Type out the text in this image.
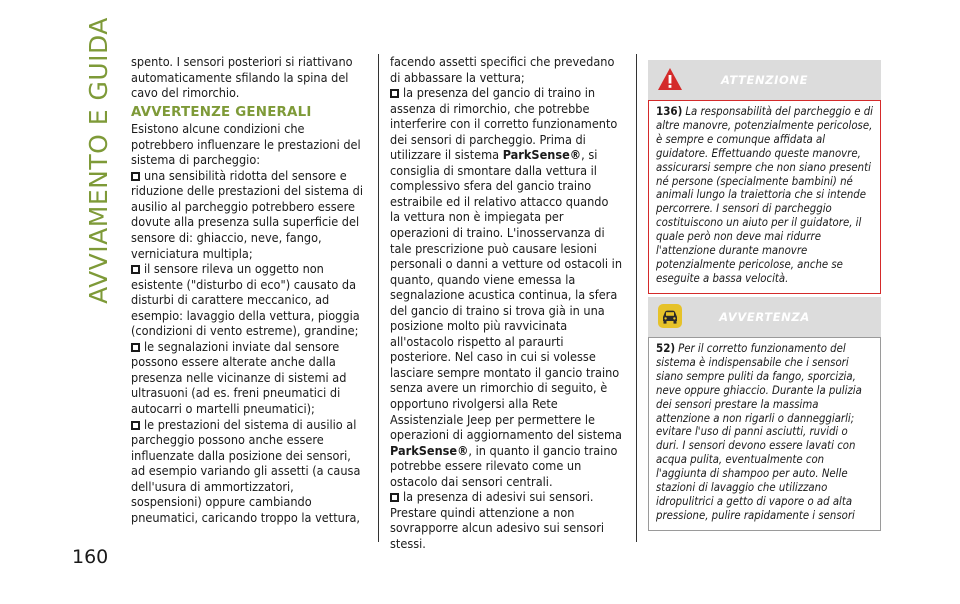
AVVIAMENTO E GUIDA
160

spento. I sensori posteriori si riattivano automaticamente sfilando la spina del cavo del rimorchio.

AVVERTENZE GENERALI

Esistono alcune condizioni che potrebbero influenzare le prestazioni del sistema di parcheggio:

una sensibilità ridotta del sensore e riduzione delle prestazioni del sistema di ausilio al parcheggio potrebbero essere dovute alla presenza sulla superficie del sensore di: ghiaccio, neve, fango, verniciatura multipla;

il sensore rileva un oggetto non esistente ("disturbo di eco") causato da disturbi di carattere meccanico, ad esempio: lavaggio della vettura, pioggia (condizioni di vento estreme), grandine;

le segnalazioni inviate dal sensore possono essere alterate anche dalla presenza nelle vicinanze di sistemi ad ultrasuoni (ad es. freni pneumatici di autocarri o martelli pneumatici);

le prestazioni del sistema di ausilio al parcheggio possono anche essere influenzate dalla posizione dei sensori, ad esempio variando gli assetti (a causa dell'usura di ammortizzatori, sospensioni) oppure cambiando pneumatici, caricando troppo la vettura,

facendo assetti specifici che prevedano di abbassare la vettura;

la presenza del gancio di traino in assenza di rimorchio, che potrebbe interferire con il corretto funzionamento dei sensori di parcheggio. Prima di utilizzare il sistema ParkSense®, si consiglia di smontare dalla vettura il complessivo sfera del gancio traino estraibile ed il relativo attacco quando la vettura non è impiegata per operazioni di traino. L'inosservanza di tale prescrizione può causare lesioni personali o danni a vetture od ostacoli in quanto, quando viene emessa la segnalazione acustica continua, la sfera del gancio di traino si trova già in una posizione molto più ravvicinata all'ostacolo rispetto al paraurti posteriore. Nel caso in cui si volesse lasciare sempre montato il gancio traino senza avere un rimorchio di seguito, è opportuno rivolgersi alla Rete Assistenziale Jeep per permettere le operazioni di aggiornamento del sistema ParkSense®, in quanto il gancio traino potrebbe essere rilevato come un ostacolo dai sensori centrali.

la presenza di adesivi sui sensori. Prestare quindi attenzione a non sovrapporre alcun adesivo sui sensori stessi.

ATTENZIONE
136) La responsabilità del parcheggio e di altre manovre, potenzialmente pericolose, è sempre e comunque affidata al guidatore. Effettuando queste manovre, assicurarsi sempre che non siano presenti né persone (specialmente bambini) né animali lungo la traiettoria che si intende percorrere. I sensori di parcheggio costituiscono un aiuto per il guidatore, il quale però non deve mai ridurre l'attenzione durante manovre potenzialmente pericolose, anche se eseguite a bassa velocità.
AVVERTENZA
52) Per il corretto funzionamento del sistema è indispensabile che i sensori siano sempre puliti da fango, sporcizia, neve oppure ghiaccio. Durante la pulizia dei sensori prestare la massima attenzione a non rigarli o danneggiarli; evitare l'uso di panni asciutti, ruvidi o duri. I sensori devono essere lavati con acqua pulita, eventualmente con l'aggiunta di shampoo per auto. Nelle stazioni di lavaggio che utilizzano idropulitrici a getto di vapore o ad alta pressione, pulire rapidamente i sensori
